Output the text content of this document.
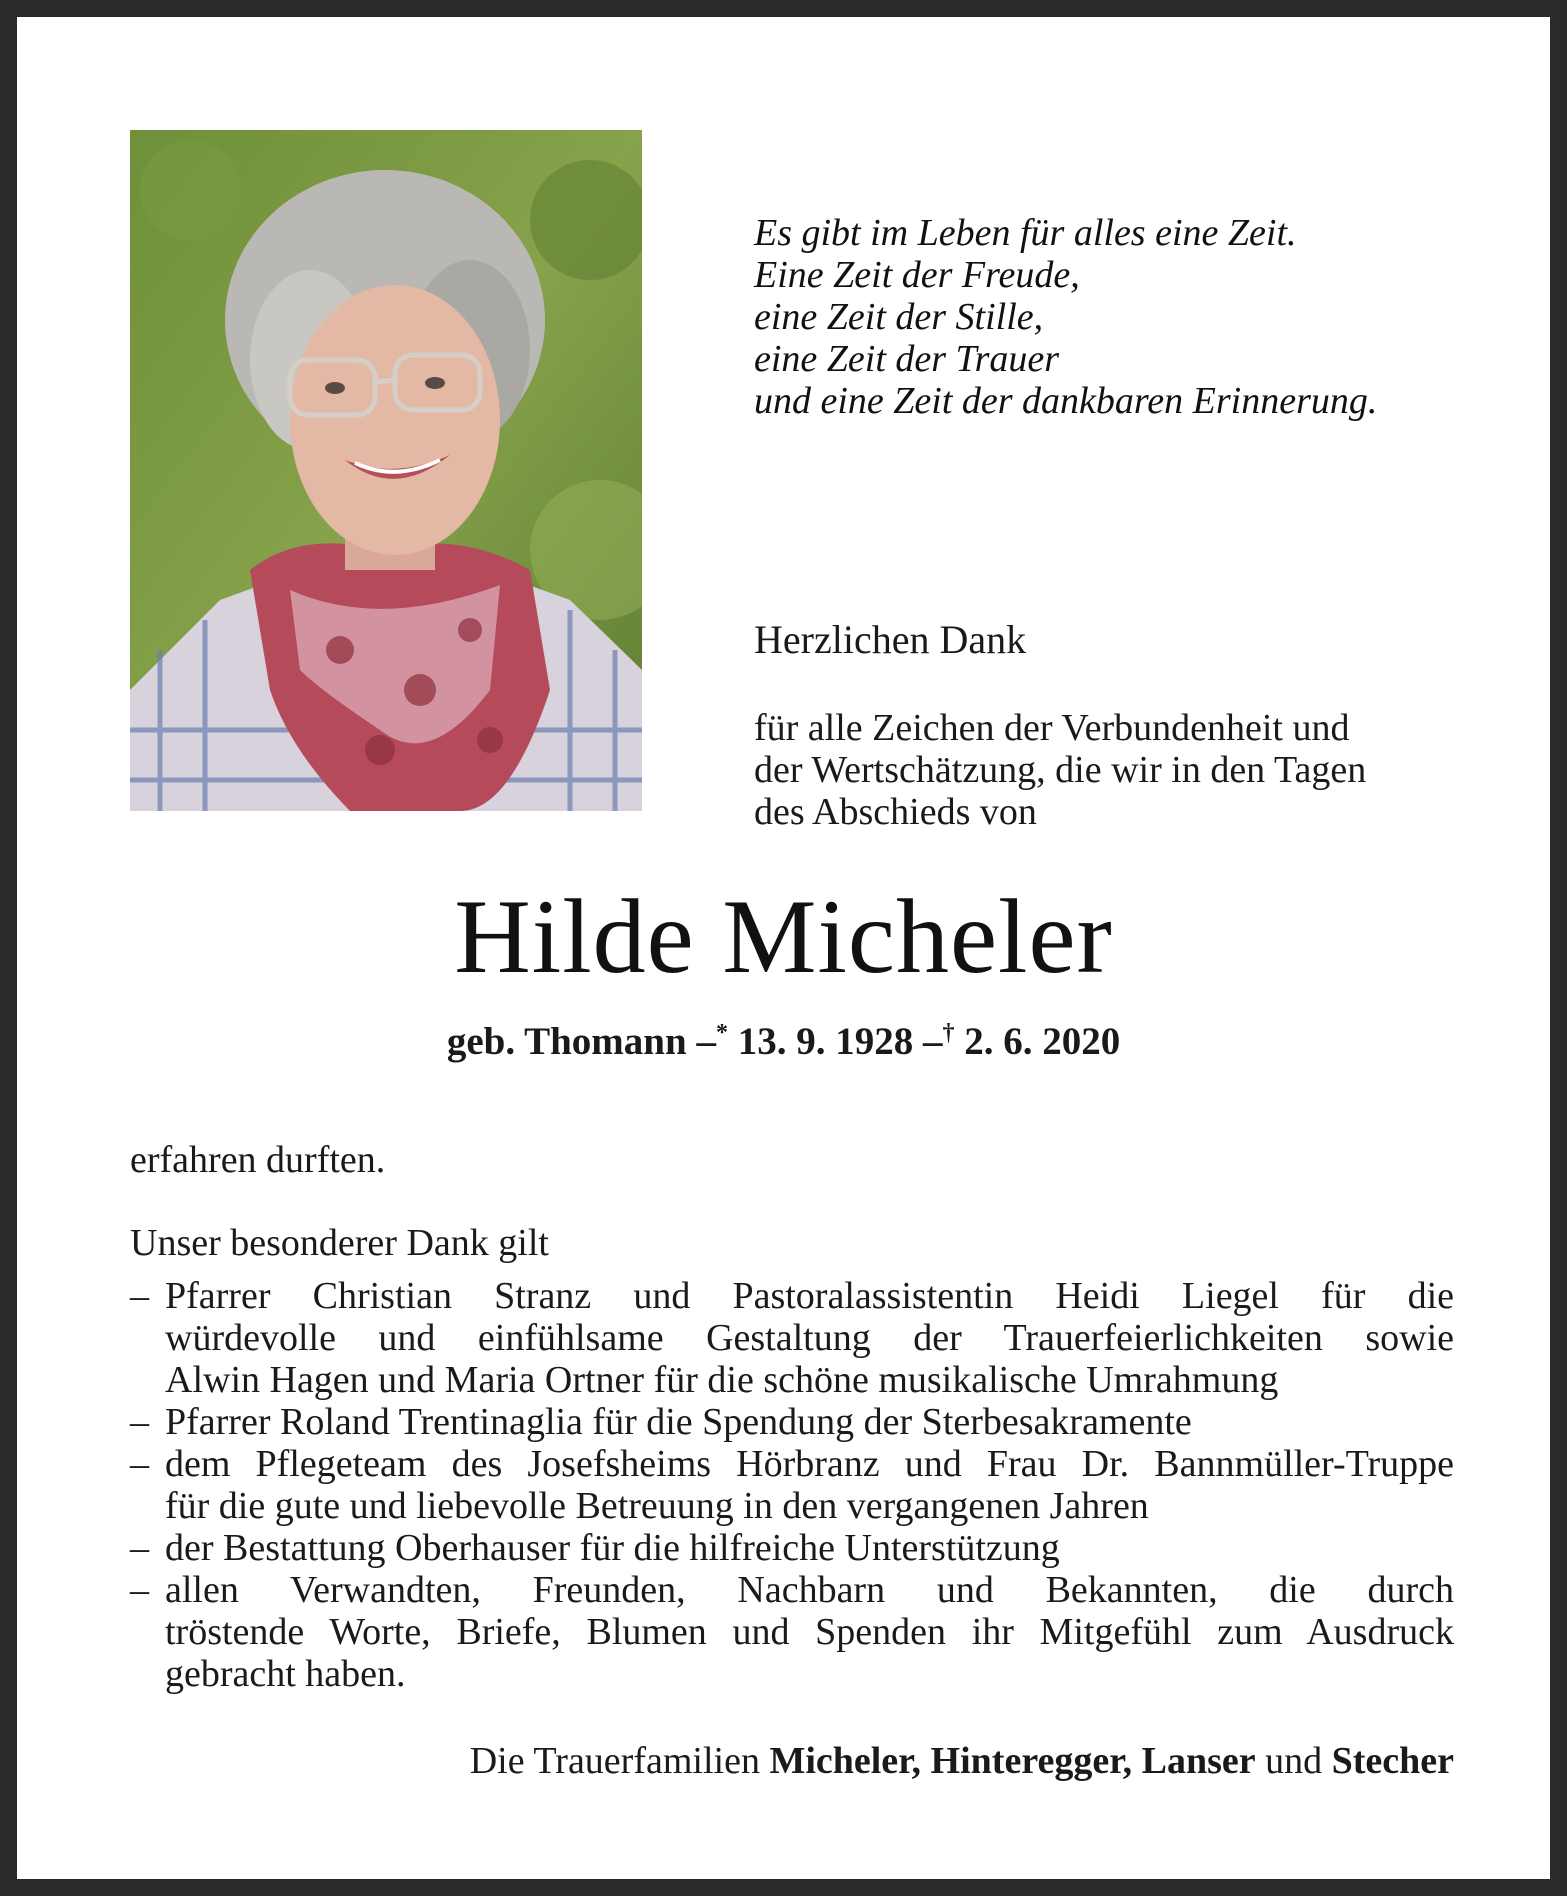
Es gibt im Leben für alles eine Zeit.
Eine Zeit der Freude,
eine Zeit der Stille,
eine Zeit der Trauer
und eine Zeit der dankbaren Erinnerung.
Herzlichen Dank
für alle Zeichen der Verbundenheit und
der Wertschätzung, die wir in den Tagen
des Abschieds von
Hilde Micheler
geb. Thomann –* 13. 9. 1928 –† 2. 6. 2020
erfahren durften.
Unser besonderer Dank gilt
– Pfarrer Christian Stranz und Pastoralassistentin Heidi Liegel für die
würdevolle und einfühlsame Gestaltung der Trauerfeierlichkeiten sowie
Alwin Hagen und Maria Ortner für die schöne musikalische Umrahmung
– Pfarrer Roland Trentinaglia für die Spendung der Sterbesakramente
– dem Pflegeteam des Josefsheims Hörbranz und Frau Dr. Bannmüller-Truppe
für die gute und liebevolle Betreuung in den vergangenen Jahren
– der Bestattung Oberhauser für die hilfreiche Unterstützung
– allen Verwandten, Freunden, Nachbarn und Bekannten, die durch
tröstende Worte, Briefe, Blumen und Spenden ihr Mitgefühl zum Ausdruck
gebracht haben.
Die Trauerfamilien Micheler, Hinteregger, Lanser und Stecher
